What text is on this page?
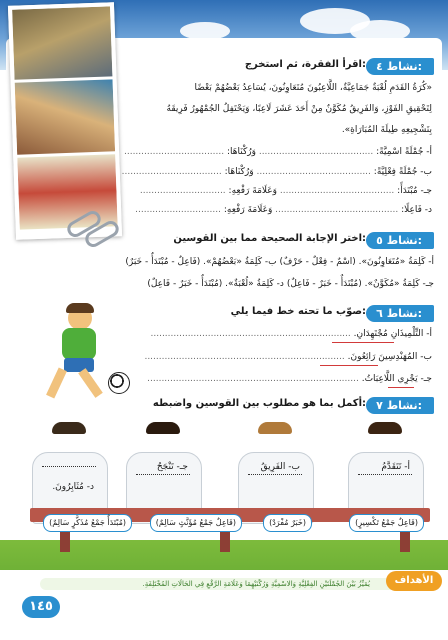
نشاط ٤:
اقرأ الفقرة، ثم استخرج:
«كُرَةُ القَدَمِ لُعْبَةٌ جَمَاعِيَّةٌ، اللَّاعِبُونَ مُتَعَاوِنُونَ، يُسَاعِدُ بَعْضُهُمْ بَعْضًا
لِتَحْقِيقِ الفَوْزِ، وَالفَرِيقُ مُكَوَّنٌ مِنْ أَحَدَ عَشَرَ لَاعِبًا، وَيَحْتَفِلُ الجُمْهُورُ فَرِيقَهُ
بِتَشْجِيعِهِ طِيلَةَ المُبَارَاةِ».
أ- جُمْلَةً اسْمِيَّةً: ........................................ وَرُكْنَاهَا: ...................................
ب- جُمْلَةً فِعْلِيَّةً: ........................................ وَرُكْنَاهَا: ...................................
جـ- مُبْتَدَأً: ........................................ وَعَلَامَةَ رَفْعِهِ: ..............................
د- فَاعِلًا: ........................................... وَعَلَامَةَ رَفْعِهِ: ..............................
نشاط ٥:
اختر الإجابة الصحيحة مما بين القوسين:
أ- كَلِمَةُ «مُتَعَاوِنُونَ». (اسْمٌ - فِعْلٌ - حَرْفٌ) ب- كَلِمَةُ «بَعْضُهُمْ». (فَاعِلٌ - مُبْتَدَأٌ - خَبَرٌ)
جـ- كَلِمَةُ «مُكَوَّنٌ». (مُبْتَدَأٌ - خَبَرٌ - فَاعِلٌ) د- كَلِمَةُ «لُعْبَةٌ». (مُبْتَدَأٌ - خَبَرٌ - فَاعِلٌ)
نشاط ٦:
صوّب ما تحته خط فيما يلي:
أ- التِّلْمِيذَانِ مُجْتَهِدَانِ. ......................................................................
ب- المُهَنْدِسِينَ رَائِعُونَ. ......................................................................
جـ- يَجْرِي اللَّاعِبَاتُ. ..........................................................................
نشاط ٧:
أكمل بما هو مطلوب بين القوسين واضبطه:
أ- تَتَقَدَّمُ
ب- الفَرِيقُ
جـ- تَنْجَحُ
د- مُثَابِرُونَ.
(فَاعِلٌ جَمْعُ تَكْسِيرٍ)
(خَبَرٌ مُفْرَدٌ)
(فَاعِلٌ جَمْعُ مُؤَنَّثٍ سَالِمٌ)
(مُبْتَدَأٌ جَمْعُ مُذَكَّرٍ سَالِمٌ)
يُمَيِّزُ بَيْنَ الجُمْلَتَيْنِ الفِعْلِيَّةِ وَالاسْمِيَّةِ وَرُكْنَيْهِمَا وَعَلَامَةِ الرَّفْعِ فِي الحَالَاتِ المُخْتَلِفَةِ.	الأهداف
١٤٥
